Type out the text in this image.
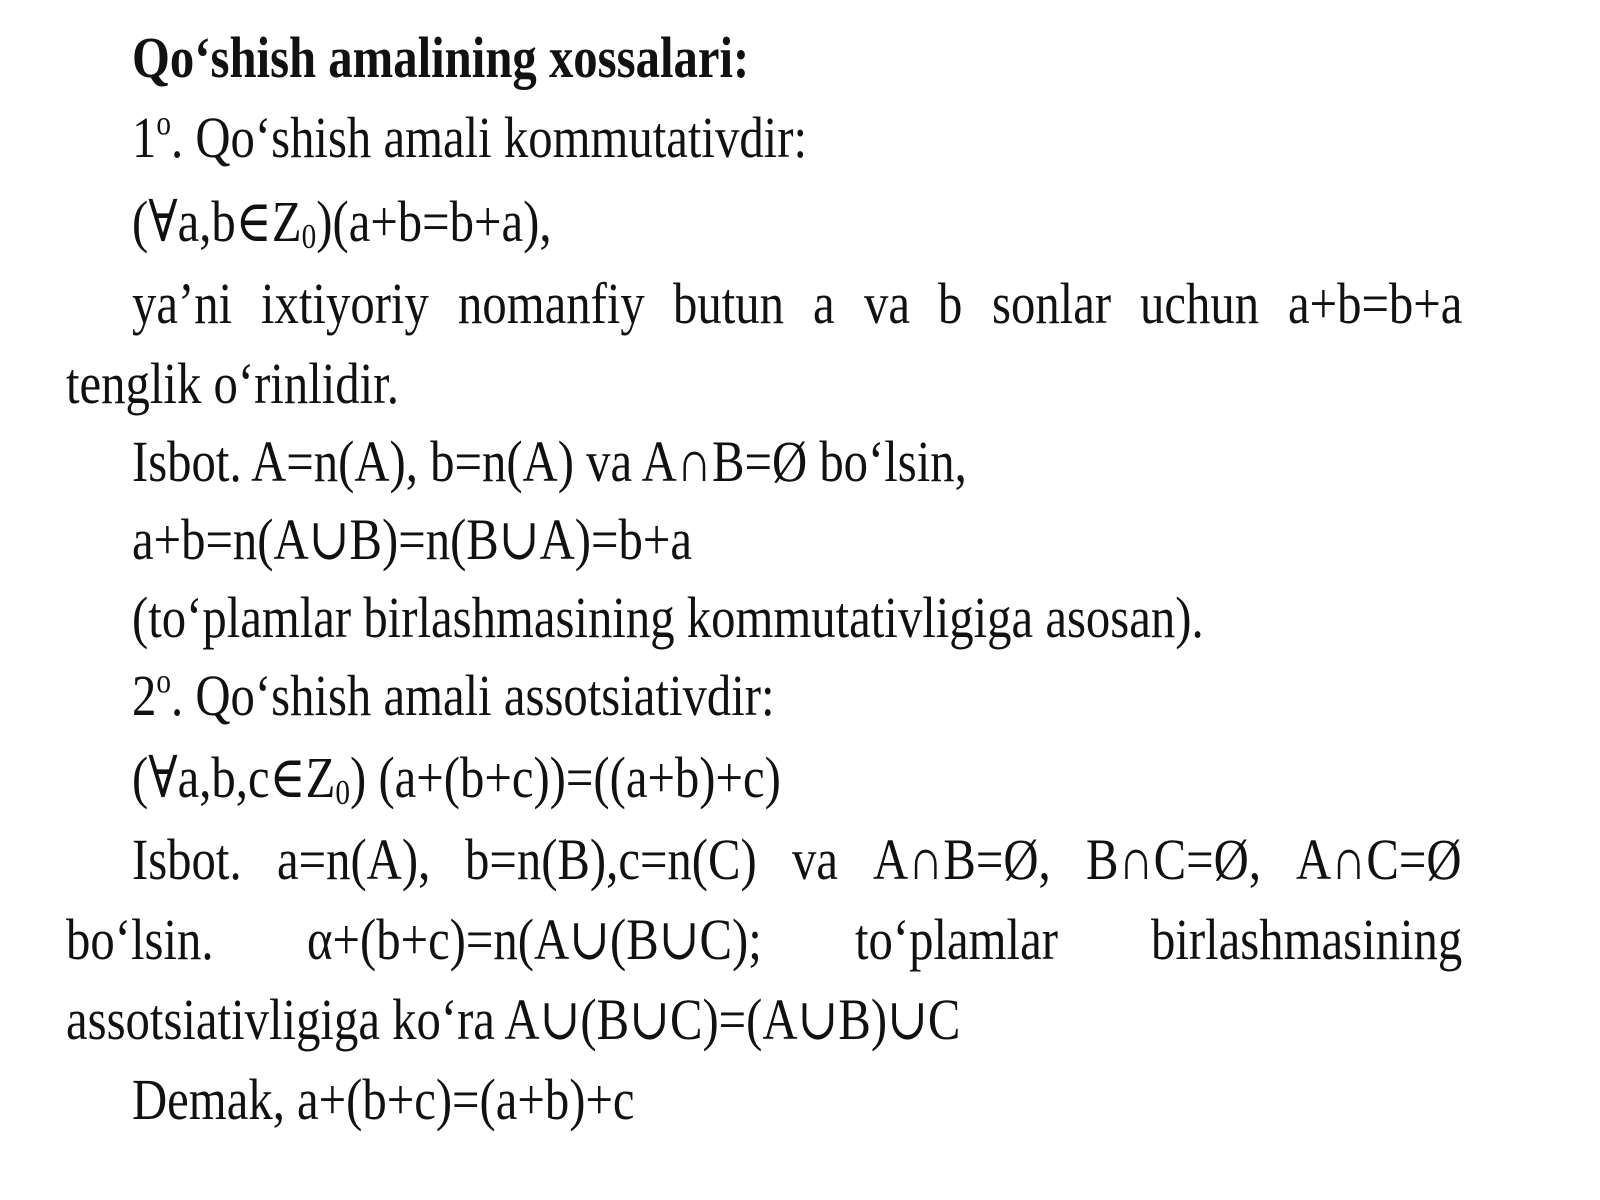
Qo‘shish amalining xossalari:
1$^o$. Qo‘shish amali kommutativdir:
$(\forall a,b\in Z_0)(a+b=b+a)$,
ya’ni ixtiyoriy nomanfiy butun a va b sonlar uchun a+b=b+a
tenglik o‘rinlidir.
Isbot. A=n(A), b=n(A) va A∩B=Ø bo‘lsin,
a+b=n(A∪B)=n(B∪A)=b+a
(to‘plamlar birlashmasining kommutativligiga asosan).
2$^o$. Qo‘shish amali assotsiativdir:
$(\forall a,b,c\in Z_0)$ (a+(b+c))=((a+b)+c)
Isbot. a=n(A), b=n(B),c=n(C) va A∩B=Ø, B∩C=Ø, A∩C=Ø
bo‘lsin. α+(b+c)=n(A∪(B∪C); to‘plamlar birlashmasining
assotsiativligiga ko‘ra A∪(B∪C)=(A∪B)∪C
Demak, a+(b+c)=(a+b)+c
